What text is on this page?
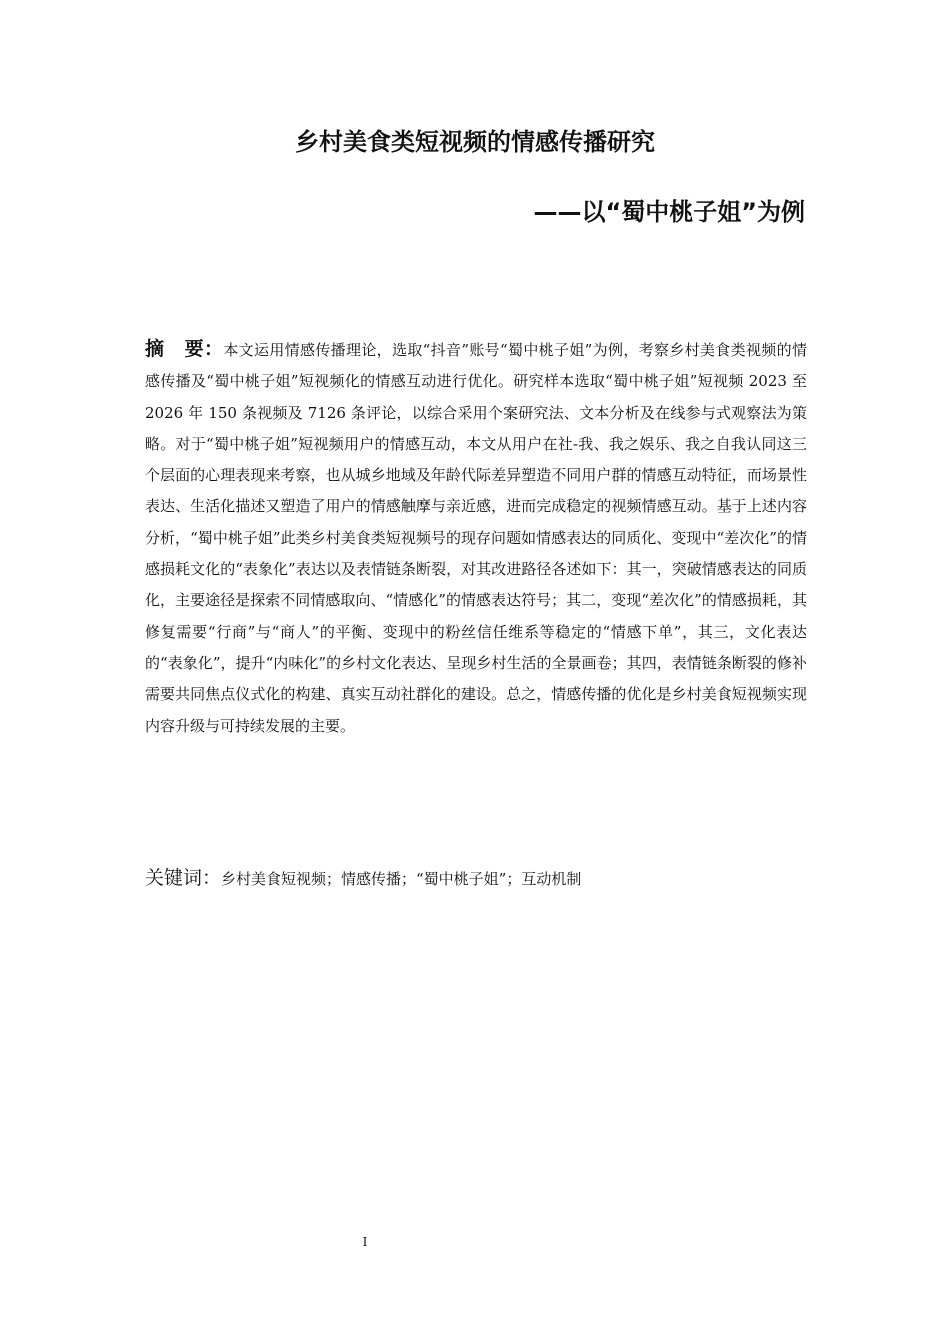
乡村美食类短视频的情感传播研究
——以“蜀中桃子姐”为例
摘 要：本文运用情感传播理论，选取“抖音”账号“蜀中桃子姐”为例，考察乡村美食类视频的情感传播及“蜀中桃子姐”短视频化的情感互动进行优化。研究样本选取“蜀中桃子姐”短视频 2023 至 2026 年 150 条视频及 7126 条评论，以综合采用个案研究法、文本分析及在线参与式观察法为策略。对于“蜀中桃子姐”短视频用户的情感互动，本文从用户在社-我、我之娱乐、我之自我认同这三个层面的心理表现来考察，也从城乡地域及年龄代际差异塑造不同用户群的情感互动特征，而场景性表达、生活化描述又塑造了用户的情感触摩与亲近感，进而完成稳定的视频情感互动。基于上述内容分析，“蜀中桃子姐”此类乡村美食类短视频号的现存问题如情感表达的同质化、变现中“差次化”的情感损耗文化的“表象化”表达以及表情链条断裂，对其改进路径各述如下：其一，突破情感表达的同质化，主要途径是探索不同情感取向、“情感化”的情感表达符号；其二，变现“差次化”的情感损耗，其修复需要“行商”与“商人”的平衡、变现中的粉丝信任维系等稳定的“情感下单”，其三，文化表达的“表象化”，提升“内味化”的乡村文化表达、呈现乡村生活的全景画卷；其四，表情链条断裂的修补需要共同焦点仪式化的构建、真实互动社群化的建设。总之，情感传播的优化是乡村美食短视频实现内容升级与可持续发展的主要。
关键词：乡村美食短视频；情感传播；“蜀中桃子姐”；互动机制
I
